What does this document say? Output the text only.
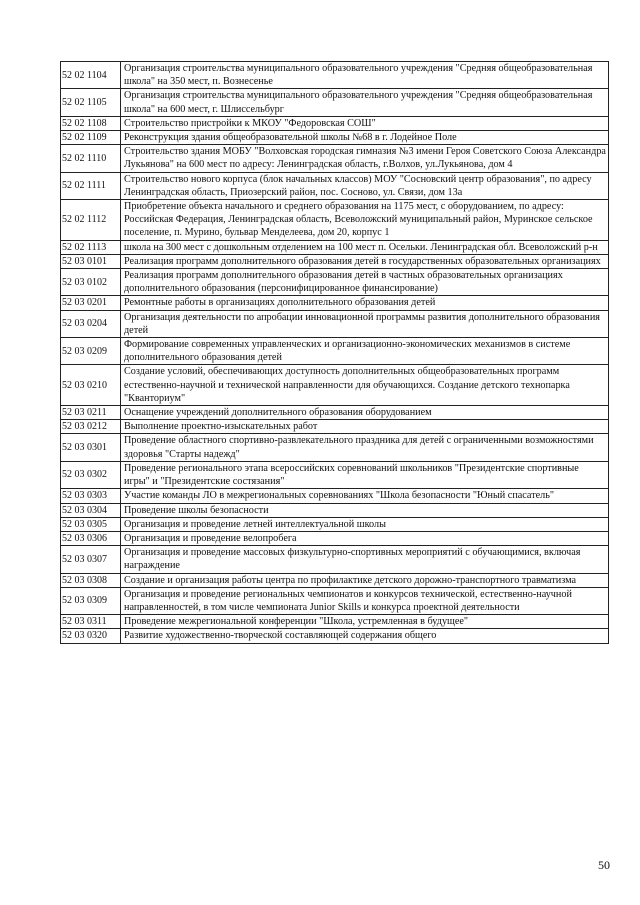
52 02 1104	Организация строительства муниципального образовательного учреждения "Средняя общеобразовательная школа" на 350 мест, п. Вознесенье
52 02 1105	Организация строительства муниципального образовательного учреждения "Средняя общеобразовательная школа" на 600 мест, г. Шлиссельбург
52 02 1108	Строительство пристройки к МКОУ "Федоровская СОШ"
52 02 1109	Реконструкция здания общеобразовательной школы №68 в г. Лодейное Поле
52 02 1110	Строительство здания МОБУ "Волховская городская гимназия №3 имени Героя Советского Союза Александра Лукьянова" на 600 мест по адресу: Ленинградская область, г.Волхов, ул.Лукьянова, дом 4
52 02 1111	Строительство нового корпуса (блок начальных классов) МОУ "Сосновский центр образования", по адресу Ленинградская область, Приозерский район, пос. Сосново, ул. Связи, дом 13а
52 02 1112	Приобретение объекта начального и среднего образования на 1175 мест, с оборудованием, по адресу: Российская Федерация, Ленинградская область, Всеволожский муниципальный район, Муринское сельское поселение, п. Мурино, бульвар Менделеева, дом 20, корпус 1
52 02 1113	школа на 300 мест с дошкольным отделением на 100 мест п. Осельки. Ленинградская обл. Всеволожский р-н
52 03 0101	Реализация программ дополнительного образования детей в государственных образовательных организациях
52 03 0102	Реализация программ дополнительного образования детей в частных образовательных организациях дополнительного образования (персонифицированное финансирование)
52 03 0201	Ремонтные работы в организациях дополнительного образования детей
52 03 0204	Организация деятельности по апробации инновационной программы развития дополнительного образования детей
52 03 0209	Формирование современных управленческих и организационно-экономических механизмов в системе дополнительного образования детей
52 03 0210	Создание условий, обеспечивающих доступность дополнительных общеобразовательных программ естественно-научной и технической направленности для обучающихся. Создание детского технопарка "Кванториум"
52 03 0211	Оснащение учреждений дополнительного образования оборудованием
52 03 0212	Выполнение проектно-изыскательных работ
52 03 0301	Проведение областного спортивно-развлекательного праздника для детей с ограниченными возможностями здоровья "Старты надежд"
52 03 0302	Проведение регионального этапа всероссийских соревнований школьников "Президентские спортивные игры" и "Президентские состязания"
52 03 0303	Участие команды ЛО в межрегиональных соревнованиях "Школа безопасности "Юный спасатель"
52 03 0304	Проведение школы безопасности
52 03 0305	Организация и проведение летней интеллектуальной школы
52 03 0306	Организация и проведение велопробега
52 03 0307	Организация и проведение массовых физкультурно-спортивных мероприятий с обучающимися, включая награждение
52 03 0308	Создание и организация работы центра по профилактике детского дорожно-транспортного травматизма
52 03 0309	Организация и проведение региональных чемпионатов и конкурсов технической, естественно-научной направленностей, в том числе чемпионата Junior Skills и конкурса проектной деятельности
52 03 0311	Проведение межрегиональной конференции "Школа, устремленная в будущее"
52 03 0320	Развитие художественно-творческой составляющей содержания общего
50
